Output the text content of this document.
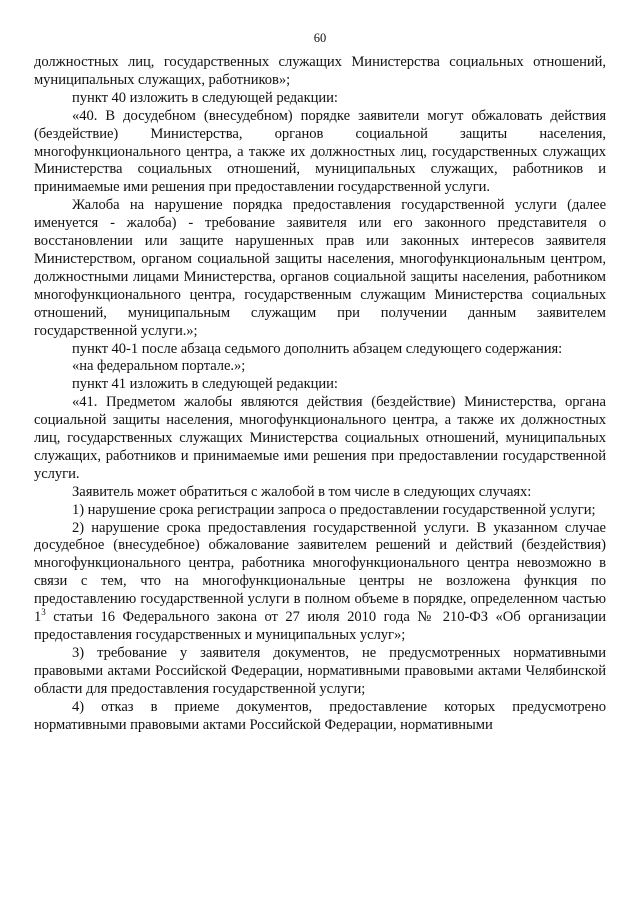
60

должностных лиц, государственных служащих Министерства социальных отношений, муниципальных служащих, работников»;

пункт 40 изложить в следующей редакции:

«40. В досудебном (внесудебном) порядке заявители могут обжаловать действия (бездействие) Министерства, органов социальной защиты населения, многофункционального центра, а также их должностных лиц, государственных служащих Министерства социальных отношений, муниципальных служащих, работников и принимаемые ими решения при предоставлении государственной услуги.

Жалоба на нарушение порядка предоставления государственной услуги (далее именуется - жалоба) - требование заявителя или его законного представителя о восстановлении или защите нарушенных прав или законных интересов заявителя Министерством, органом социальной защиты населения, многофункциональным центром, должностными лицами Министерства, органов социальной защиты населения, работником многофункционального центра, государственным служащим Министерства социальных отношений, муниципальным служащим при получении данным заявителем государственной услуги.»;

пункт 40-1 после абзаца седьмого дополнить абзацем следующего содержания:

«на федеральном портале.»;

пункт 41 изложить в следующей редакции:

«41. Предметом жалобы являются действия (бездействие) Министерства, органа социальной защиты населения, многофункционального центра, а также их должностных лиц, государственных служащих Министерства социальных отношений, муниципальных служащих, работников и принимаемые ими решения при предоставлении государственной услуги.

Заявитель может обратиться с жалобой в том числе в следующих случаях:

1) нарушение срока регистрации запроса о предоставлении государственной услуги;

2) нарушение срока предоставления государственной услуги. В указанном случае досудебное (внесудебное) обжалование заявителем решений и действий (бездействия) многофункционального центра, работника многофункционального центра невозможно в связи с тем, что на многофункциональные центры не возложена функция по предоставлению государственной услуги в полном объеме в порядке, определенном частью $1^3$ статьи 16 Федерального закона от 27 июля 2010 года № 210-ФЗ «Об организации предоставления государственных и муниципальных услуг»;

3) требование у заявителя документов, не предусмотренных нормативными правовыми актами Российской Федерации, нормативными правовыми актами Челябинской области для предоставления государственной услуги;

4) отказ в приеме документов, предоставление которых предусмотрено нормативными правовыми актами Российской Федерации, нормативными
